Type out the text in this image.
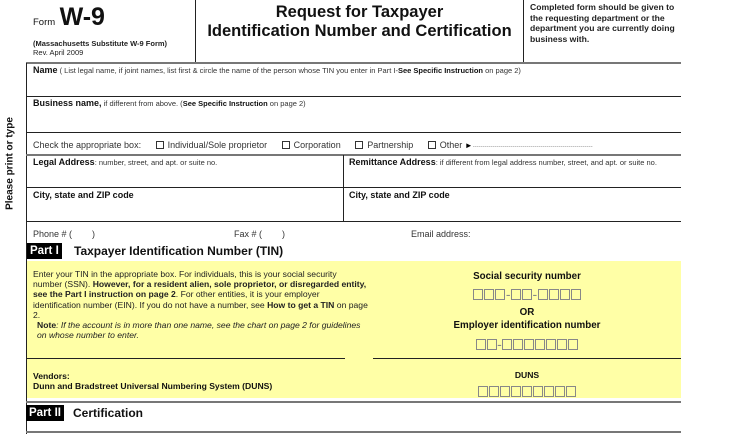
Form W-9
(Massachusetts Substitute W-9 Form)
Rev. April 2009
Request for Taxpayer
Identification Number and Certification
Completed form should be given to the requesting department or the department you are currently doing business with.
Please print or type
Name ( List legal name, if joint names, list first & circle the name of the person whose TIN you enter in Part I-See Specific Instruction on page 2)
Business name, if different from above. (See Specific Instruction on page 2)
Check the appropriate box:	Individual/Sole proprietor	Corporation	Partnership	Other ►------------------------------------------------------------
Legal Address: number, street, and apt. or suite no.	Remittance Address: if different from legal address number, street, and apt. or suite no.
City, state and ZIP code	City, state and ZIP code
Phone # (        )	Fax # (        )	Email address:
Part I Taxpayer Identification Number (TIN)
Enter your TIN in the appropriate box. For individuals, this is your social security number (SSN). However, for a resident alien, sole proprietor, or disregarded entity, see the Part I instruction on page 2. For other entities, it is your employer identification number (EIN). If you do not have a number, see How to get a TIN on page 2.
Note: If the account is in more than one name, see the chart on page 2 for guidelines on whose number to enter.
Social security number
- -
OR
Employer identification number
-
Vendors:
Dunn and Bradstreet Universal Numbering System (DUNS)
DUNS
Part II Certification
